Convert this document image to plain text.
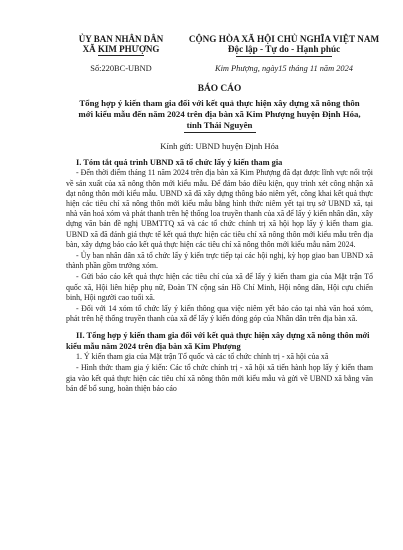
ỦY BAN NHÂN DÂN
XÃ KIM PHƯỢNG
CỘNG HÒA XÃ HỘI CHỦ NGHĨA VIỆT NAM
Độc lập - Tự do - Hạnh phúc
Số:220BC-UBND	Kim Phượng, ngày15 tháng 11 năm 2024
BÁO CÁO
Tổng hợp ý kiến tham gia đối với kết quả thực hiện xây dựng xã nông thôn mới kiểu mẫu đến năm 2024 trên địa bàn xã Kim Phượng huyện Định Hóa, tỉnh Thái Nguyên
Kính gửi: UBND huyện Định Hóa
I. Tóm tắt quá trình UBND xã tổ chức lấy ý kiến tham gia

- Đến thời điểm tháng 11 năm 2024 trên địa bàn xã Kim Phượng đã đạt được lĩnh vực nổi trội về sản xuất của xã nông thôn mới kiểu mẫu. Để đảm bảo điều kiện, quy trình xét công nhận xã đạt nông thôn mới kiểu mẫu. UBND xã đã xây dựng thông báo niêm yết, công khai kết quả thực hiện các tiêu chí xã nông thôn mới kiểu mẫu bằng hình thức niêm yết tại trụ sở UBND xã, tại nhà văn hoá xóm và phát thanh trên hệ thống loa truyền thanh của xã để lấy ý kiến nhân dân, xây dựng văn bản đề nghị UBMTTQ xã và các tổ chức chính trị xã hội họp lấy ý kiến tham gia. UBND xã đã đánh giá thực tế kết quả thực hiện các tiêu chí xã nông thôn mới kiểu mẫu trên địa bàn, xây dựng báo cáo kết quả thực hiện các tiêu chí xã nông thôn mới kiểu mẫu năm 2024.

- Ủy ban nhân dân xã tổ chức lấy ý kiến trực tiếp tại các hội nghị, kỳ họp giao ban UBND xã thành phần gồm trưởng xóm.

- Gửi báo cáo kết quả thực hiện các tiêu chí của xã để lấy ý kiến tham gia của Mặt trận Tổ quốc xã, Hội liên hiệp phụ nữ, Đoàn TN cộng sản Hồ Chí Minh, Hội nông dân, Hội cựu chiến binh, Hội người cao tuổi xã.

- Đối với 14 xóm tổ chức lấy ý kiến thông qua việc niêm yết báo cáo tại nhà văn hoá xóm, phát trên hệ thống truyền thanh của xã để lấy ý kiến đóng góp của Nhân dân trên địa bàn xã.

II. Tổng hợp ý kiến tham gia đối với kết quả thực hiện xây dựng xã nông thôn mới kiểu mẫu năm 2024 trên địa bàn xã Kim Phượng

1. Ý kiến tham gia của Mặt trận Tổ quốc và các tổ chức chính trị - xã hội của xã

- Hình thức tham gia ý kiến: Các tổ chức chính trị - xã hội xã tiến hành họp lấy ý kiến tham gia vào kết quả thực hiện các tiêu chí xã nông thôn mới kiểu mẫu và gửi về UBND xã bằng văn bản để bổ sung, hoàn thiện báo cáo
